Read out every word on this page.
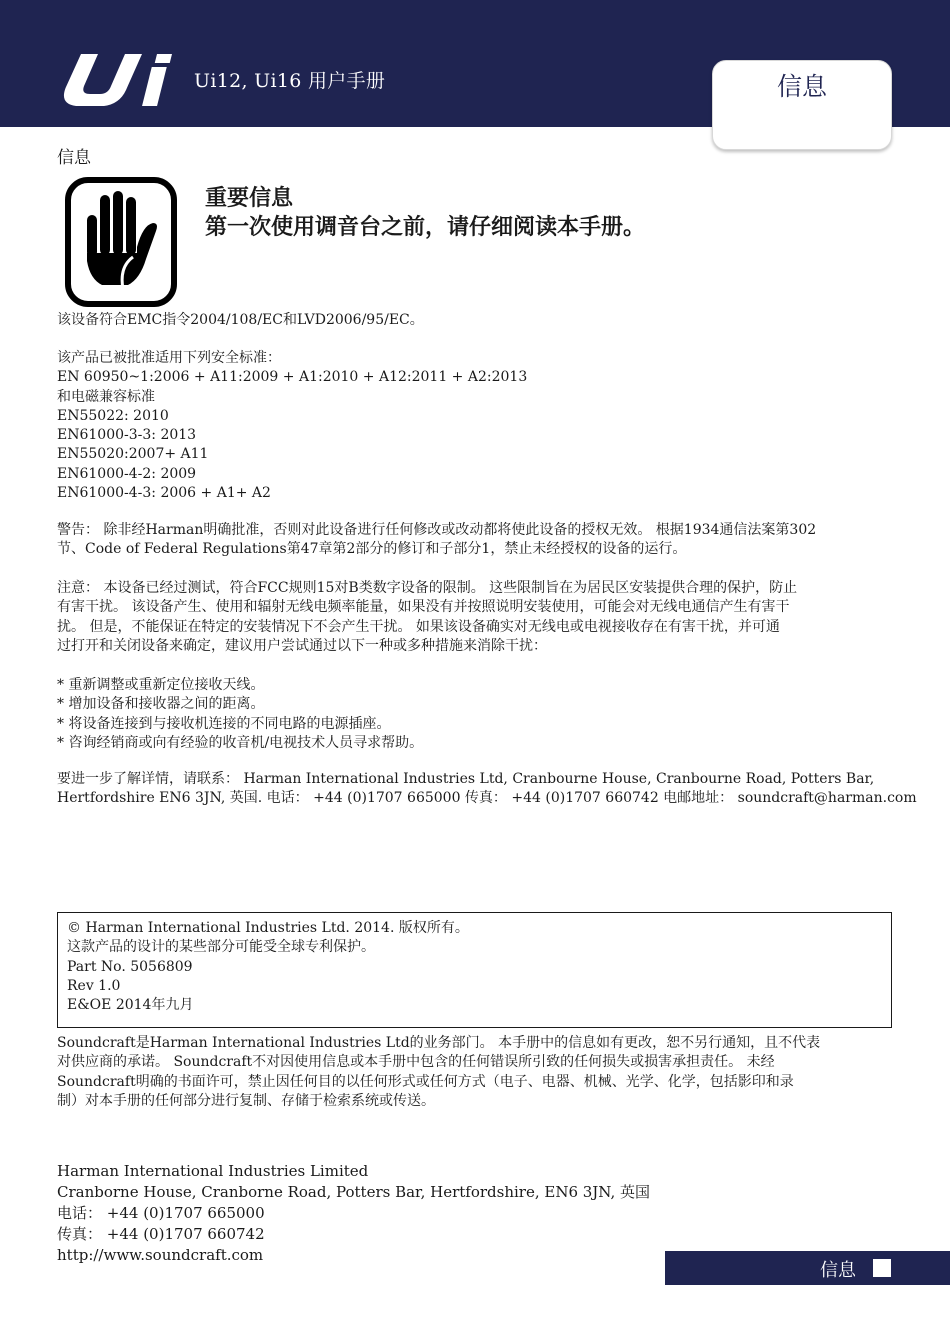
Ui12, Ui16 用户手册	信息
信息
重要信息
第一次使用调音台之前，请仔细阅读本手册。
该设备符合EMC指令2004/108/EC和LVD2006/95/EC。
该产品已被批准适用下列安全标准：
EN 60950~1:2006 + A11:2009 + A1:2010 + A12:2011 + A2:2013
和电磁兼容标准
EN55022: 2010
EN61000-3-3: 2013
EN55020:2007+ A11
EN61000-4-2: 2009
EN61000-4-3: 2006 + A1+ A2
警告： 除非经Harman明确批准，否则对此设备进行任何修改或改动都将使此设备的授权无效。 根据1934通信法案第302
节、Code of Federal Regulations第47章第2部分的修订和子部分1，禁止未经授权的设备的运行。
注意： 本设备已经过测试，符合FCC规则15对B类数字设备的限制。 这些限制旨在为居民区安装提供合理的保护，防止
有害干扰。 该设备产生、使用和辐射无线电频率能量，如果没有并按照说明安装使用，可能会对无线电通信产生有害干
扰。 但是，不能保证在特定的安装情况下不会产生干扰。 如果该设备确实对无线电或电视接收存在有害干扰，并可通
过打开和关闭设备来确定，建议用户尝试通过以下一种或多种措施来消除干扰：
* 重新调整或重新定位接收天线。
* 增加设备和接收器之间的距离。
* 将设备连接到与接收机连接的不同电路的电源插座。
* 咨询经销商或向有经验的收音机/电视技术人员寻求帮助。
要进一步了解详情，请联系： Harman International Industries Ltd, Cranbourne House, Cranbourne Road, Potters Bar,
Hertfordshire EN6 3JN, 英国. 电话： +44 (0)1707 665000 传真： +44 (0)1707 660742 电邮地址： soundcraft@harman.com
© Harman International Industries Ltd. 2014. 版权所有。
这款产品的设计的某些部分可能受全球专利保护。
Part No. 5056809
Rev 1.0
E&OE 2014年九月
Soundcraft是Harman International Industries Ltd的业务部门。 本手册中的信息如有更改，恕不另行通知，且不代表
对供应商的承诺。 Soundcraft不对因使用信息或本手册中包含的任何错误所引致的任何损失或损害承担责任。 未经
Soundcraft明确的书面许可，禁止因任何目的以任何形式或任何方式（电子、电器、机械、光学、化学，包括影印和录
制）对本手册的任何部分进行复制、存储于检索系统或传送。
Harman International Industries Limited
Cranborne House, Cranborne Road, Potters Bar, Hertfordshire, EN6 3JN, 英国
电话： +44 (0)1707 665000
传真： +44 (0)1707 660742
http://www.soundcraft.com
信息
